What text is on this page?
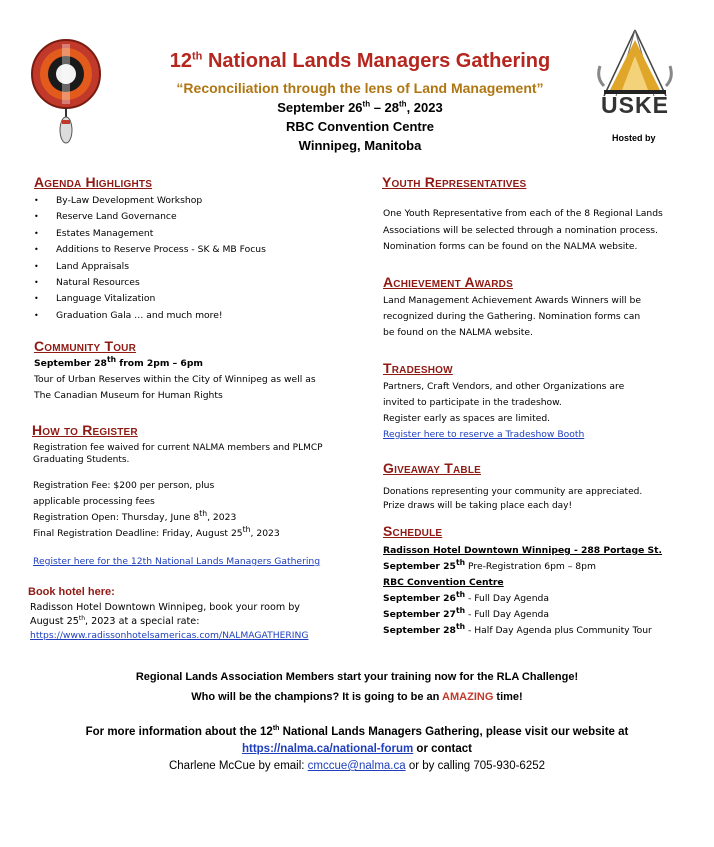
12th National Lands Managers Gathering
“Reconciliation through the lens of Land Management”
September 26th – 28th, 2023
RBC Convention Centre
Winnipeg, Manitoba
USKE
Hosted by
Agenda Highlights
• By-Law Development Workshop
• Reserve Land Governance
• Estates Management
• Additions to Reserve Process - SK & MB Focus
• Land Appraisals
• Natural Resources
• Language Vitalization
• Graduation Gala … and much more!
Community Tour
September 28th from 2pm – 6pm
Tour of Urban Reserves within the City of Winnipeg as well as
The Canadian Museum for Human Rights
How to Register
Registration fee waived for current NALMA members and PLMCP Graduating Students.
Registration Fee: $200 per person, plus
applicable processing fees
Registration Open: Thursday, June 8th, 2023
Final Registration Deadline: Friday, August 25th, 2023
Register here for the 12th National Lands Managers Gathering
Book hotel here:
Radisson Hotel Downtown Winnipeg, book your room by
August 25th, 2023 at a special rate:
https://www.radissonhotelsamericas.com/NALMAGATHERING
Youth Representatives
One Youth Representative from each of the 8 Regional Lands
Associations will be selected through a nomination process.
Nomination forms can be found on the NALMA website.
Achievement Awards
Land Management Achievement Awards Winners will be
recognized during the Gathering. Nomination forms can
be found on the NALMA website.
Tradeshow
Partners, Craft Vendors, and other Organizations are
invited to participate in the tradeshow.
Register early as spaces are limited.
Register here to reserve a Tradeshow Booth
Giveaway Table
Donations representing your community are appreciated.
Prize draws will be taking place each day!
Schedule
Radisson Hotel Downtown Winnipeg - 288 Portage St.
September 25th Pre-Registration 6pm – 8pm
RBC Convention Centre
September 26th - Full Day Agenda
September 27th - Full Day Agenda
September 28th - Half Day Agenda plus Community Tour
Regional Lands Association Members start your training now for the RLA Challenge!
Who will be the champions? It is going to be an AMAZING time!
For more information about the 12th National Lands Managers Gathering, please visit our website at
https://nalma.ca/national-forum or contact
Charlene McCue by email: cmccue@nalma.ca or by calling 705-930-6252
